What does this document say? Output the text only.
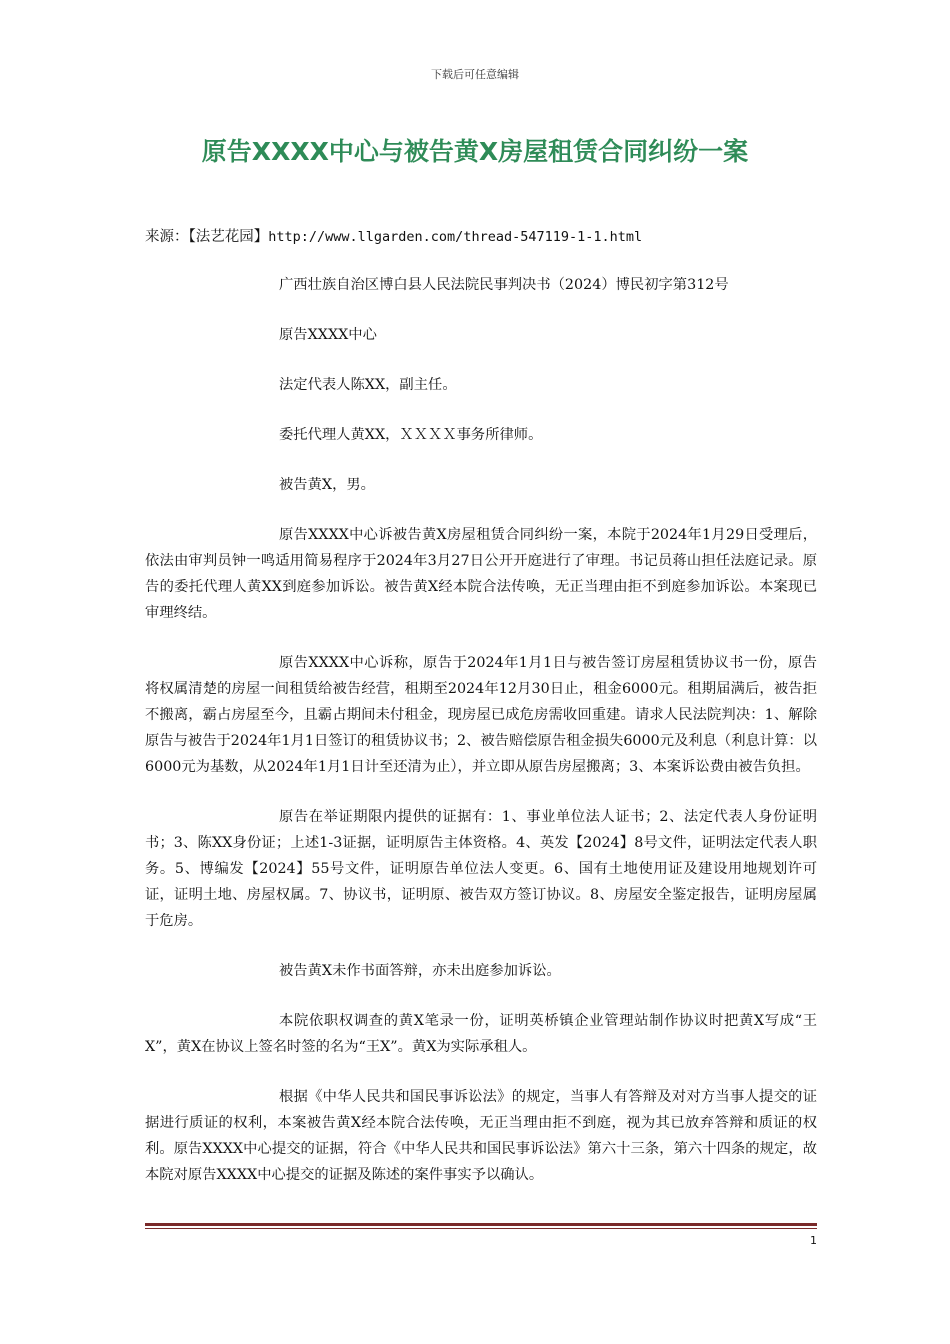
下载后可任意编辑
原告XXXX中心与被告黄X房屋租赁合同纠纷一案
来源：【法艺花园】http://www.llgarden.com/thread-547119-1-1.html

广西壮族自治区博白县人民法院民事判决书（2024）博民初字第312号

原告XXXX中心

法定代表人陈XX，副主任。

委托代理人黄XX，ＸＸＸＸ事务所律师。

被告黄X，男。

原告XXXX中心诉被告黄X房屋租赁合同纠纷一案，本院于2024年1月29日受理后，依法由审判员钟一鸣适用简易程序于2024年3月27日公开开庭进行了审理。书记员蒋山担任法庭记录。原告的委托代理人黄XX到庭参加诉讼。被告黄X经本院合法传唤，无正当理由拒不到庭参加诉讼。本案现已审理终结。

原告XXXX中心诉称，原告于2024年1月1日与被告签订房屋租赁协议书一份，原告将权属清楚的房屋一间租赁给被告经营，租期至2024年12月30日止，租金6000元。租期届满后，被告拒不搬离，霸占房屋至今，且霸占期间未付租金，现房屋已成危房需收回重建。请求人民法院判决：1、解除原告与被告于2024年1月1日签订的租赁协议书；2、被告赔偿原告租金损失6000元及利息（利息计算：以6000元为基数，从2024年1月1日计至还清为止），并立即从原告房屋搬离；3、本案诉讼费由被告负担。

原告在举证期限内提供的证据有：1、事业单位法人证书；2、法定代表人身份证明书；3、陈XX身份证；上述1-3证据，证明原告主体资格。4、英发【2024】8号文件，证明法定代表人职务。5、博编发【2024】55号文件，证明原告单位法人变更。6、国有土地使用证及建设用地规划许可证，证明土地、房屋权属。7、协议书，证明原、被告双方签订协议。8、房屋安全鉴定报告，证明房屋属于危房。

被告黄X未作书面答辩，亦未出庭参加诉讼。

本院依职权调查的黄X笔录一份，证明英桥镇企业管理站制作协议时把黄X写成“王X”，黄X在协议上签名时签的名为“王X”。黄X为实际承租人。

根据《中华人民共和国民事诉讼法》的规定，当事人有答辩及对对方当事人提交的证据进行质证的权利，本案被告黄X经本院合法传唤，无正当理由拒不到庭，视为其已放弃答辩和质证的权利。原告XXXX中心提交的证据，符合《中华人民共和国民事诉讼法》第六十三条，第六十四条的规定，故本院对原告XXXX中心提交的证据及陈述的案件事实予以确认。

1
